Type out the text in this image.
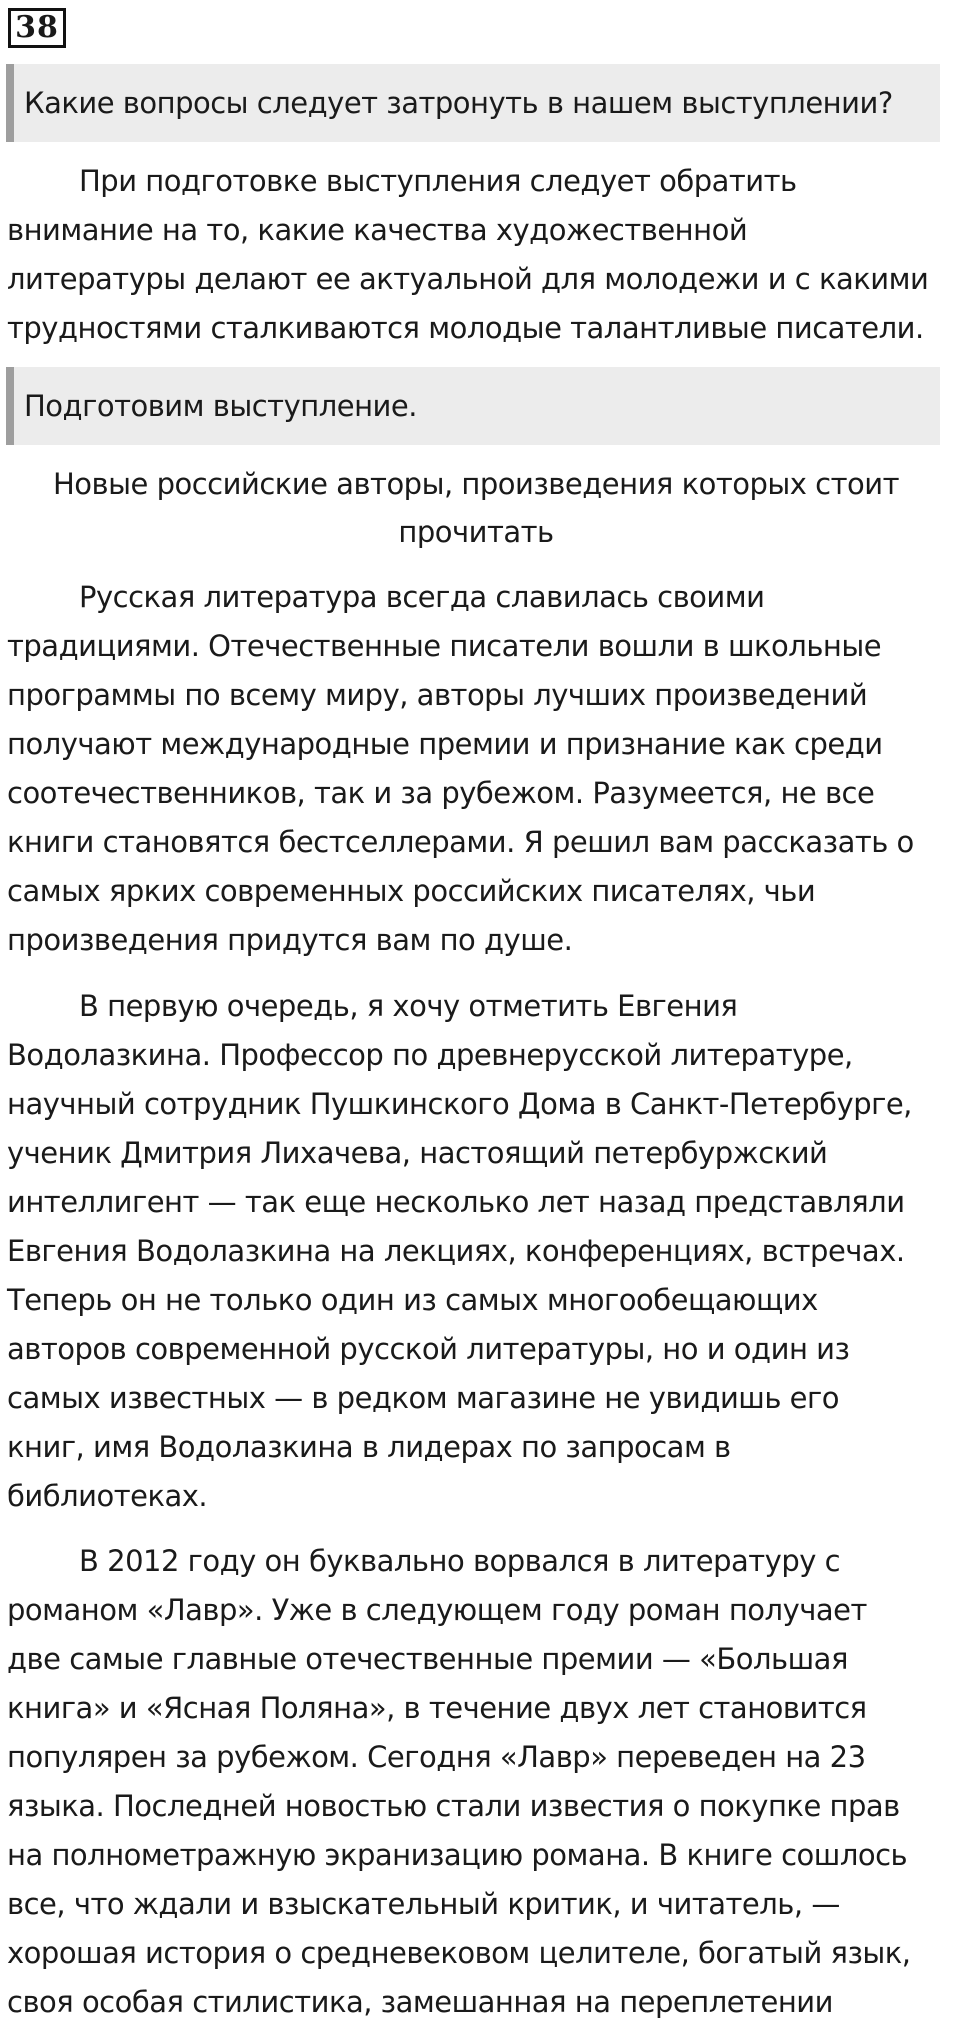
38
Какие вопросы следует затронуть в нашем выступлении?

При подготовке выступления следует обратить
внимание на то, какие качества художественной
литературы делают ее актуальной для молодежи и с какими
трудностями сталкиваются молодые талантливые писатели.

Подготовим выступление.
Новые российские авторы, произведения которых стоит
прочитать

Русская литература всегда славилась своими
традициями. Отечественные писатели вошли в школьные
программы по всему миру, авторы лучших произведений
получают международные премии и признание как среди
соотечественников, так и за рубежом. Разумеется, не все
книги становятся бестселлерами. Я решил вам рассказать о
самых ярких современных российских писателях, чьи
произведения придутся вам по душе.

В первую очередь, я хочу отметить Евгения
Водолазкина. Профессор по древнерусской литературе,
научный сотрудник Пушкинского Дома в Санкт-Петербурге,
ученик Дмитрия Лихачева, настоящий петербуржский
интеллигент — так еще несколько лет назад представляли
Евгения Водолазкина на лекциях, конференциях, встречах.
Теперь он не только один из самых многообещающих
авторов современной русской литературы, но и один из
самых известных — в редком магазине не увидишь его
книг, имя Водолазкина в лидерах по запросам в
библиотеках.

В 2012 году он буквально ворвался в литературу с
романом «Лавр». Уже в следующем году роман получает
две самые главные отечественные премии — «Большая
книга» и «Ясная Поляна», в течение двух лет становится
популярен за рубежом. Сегодня «Лавр» переведен на 23
языка. Последней новостью стали известия о покупке прав
на полнометражную экранизацию романа. В книге сошлось
все, что ждали и взыскательный критик, и читатель, —
хорошая история о средневековом целителе, богатый язык,
своя особая стилистика, замешанная на переплетении
